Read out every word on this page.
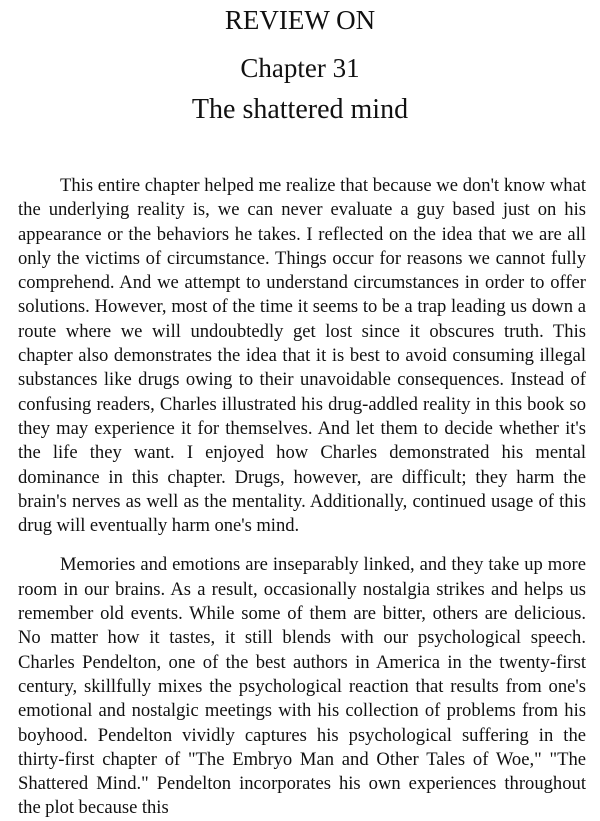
REVIEW ON
Chapter 31
The shattered mind

This entire chapter helped me realize that because we don't know what the underlying reality is, we can never evaluate a guy based just on his appearance or the behaviors he takes. I reflected on the idea that we are all only the victims of circumstance. Things occur for reasons we cannot fully comprehend. And we attempt to understand circumstances in order to offer solutions. However, most of the time it seems to be a trap leading us down a route where we will undoubtedly get lost since it obscures truth. This chapter also demonstrates the idea that it is best to avoid consuming illegal substances like drugs owing to their unavoidable consequences. Instead of confusing readers, Charles illustrated his drug-addled reality in this book so they may experience it for themselves. And let them to decide whether it's the life they want. I enjoyed how Charles demonstrated his mental dominance in this chapter. Drugs, however, are difficult; they harm the brain's nerves as well as the mentality. Additionally, continued usage of this drug will eventually harm one's mind.

Memories and emotions are inseparably linked, and they take up more room in our brains. As a result, occasionally nostalgia strikes and helps us remember old events. While some of them are bitter, others are delicious. No matter how it tastes, it still blends with our psychological speech. Charles Pendelton, one of the best authors in America in the twenty-first century, skillfully mixes the psychological reaction that results from one's emotional and nostalgic meetings with his collection of problems from his boyhood. Pendelton vividly captures his psychological suffering in the thirty-first chapter of "The Embryo Man and Other Tales of Woe," "The Shattered Mind." Pendelton incorporates his own experiences throughout the plot because this
